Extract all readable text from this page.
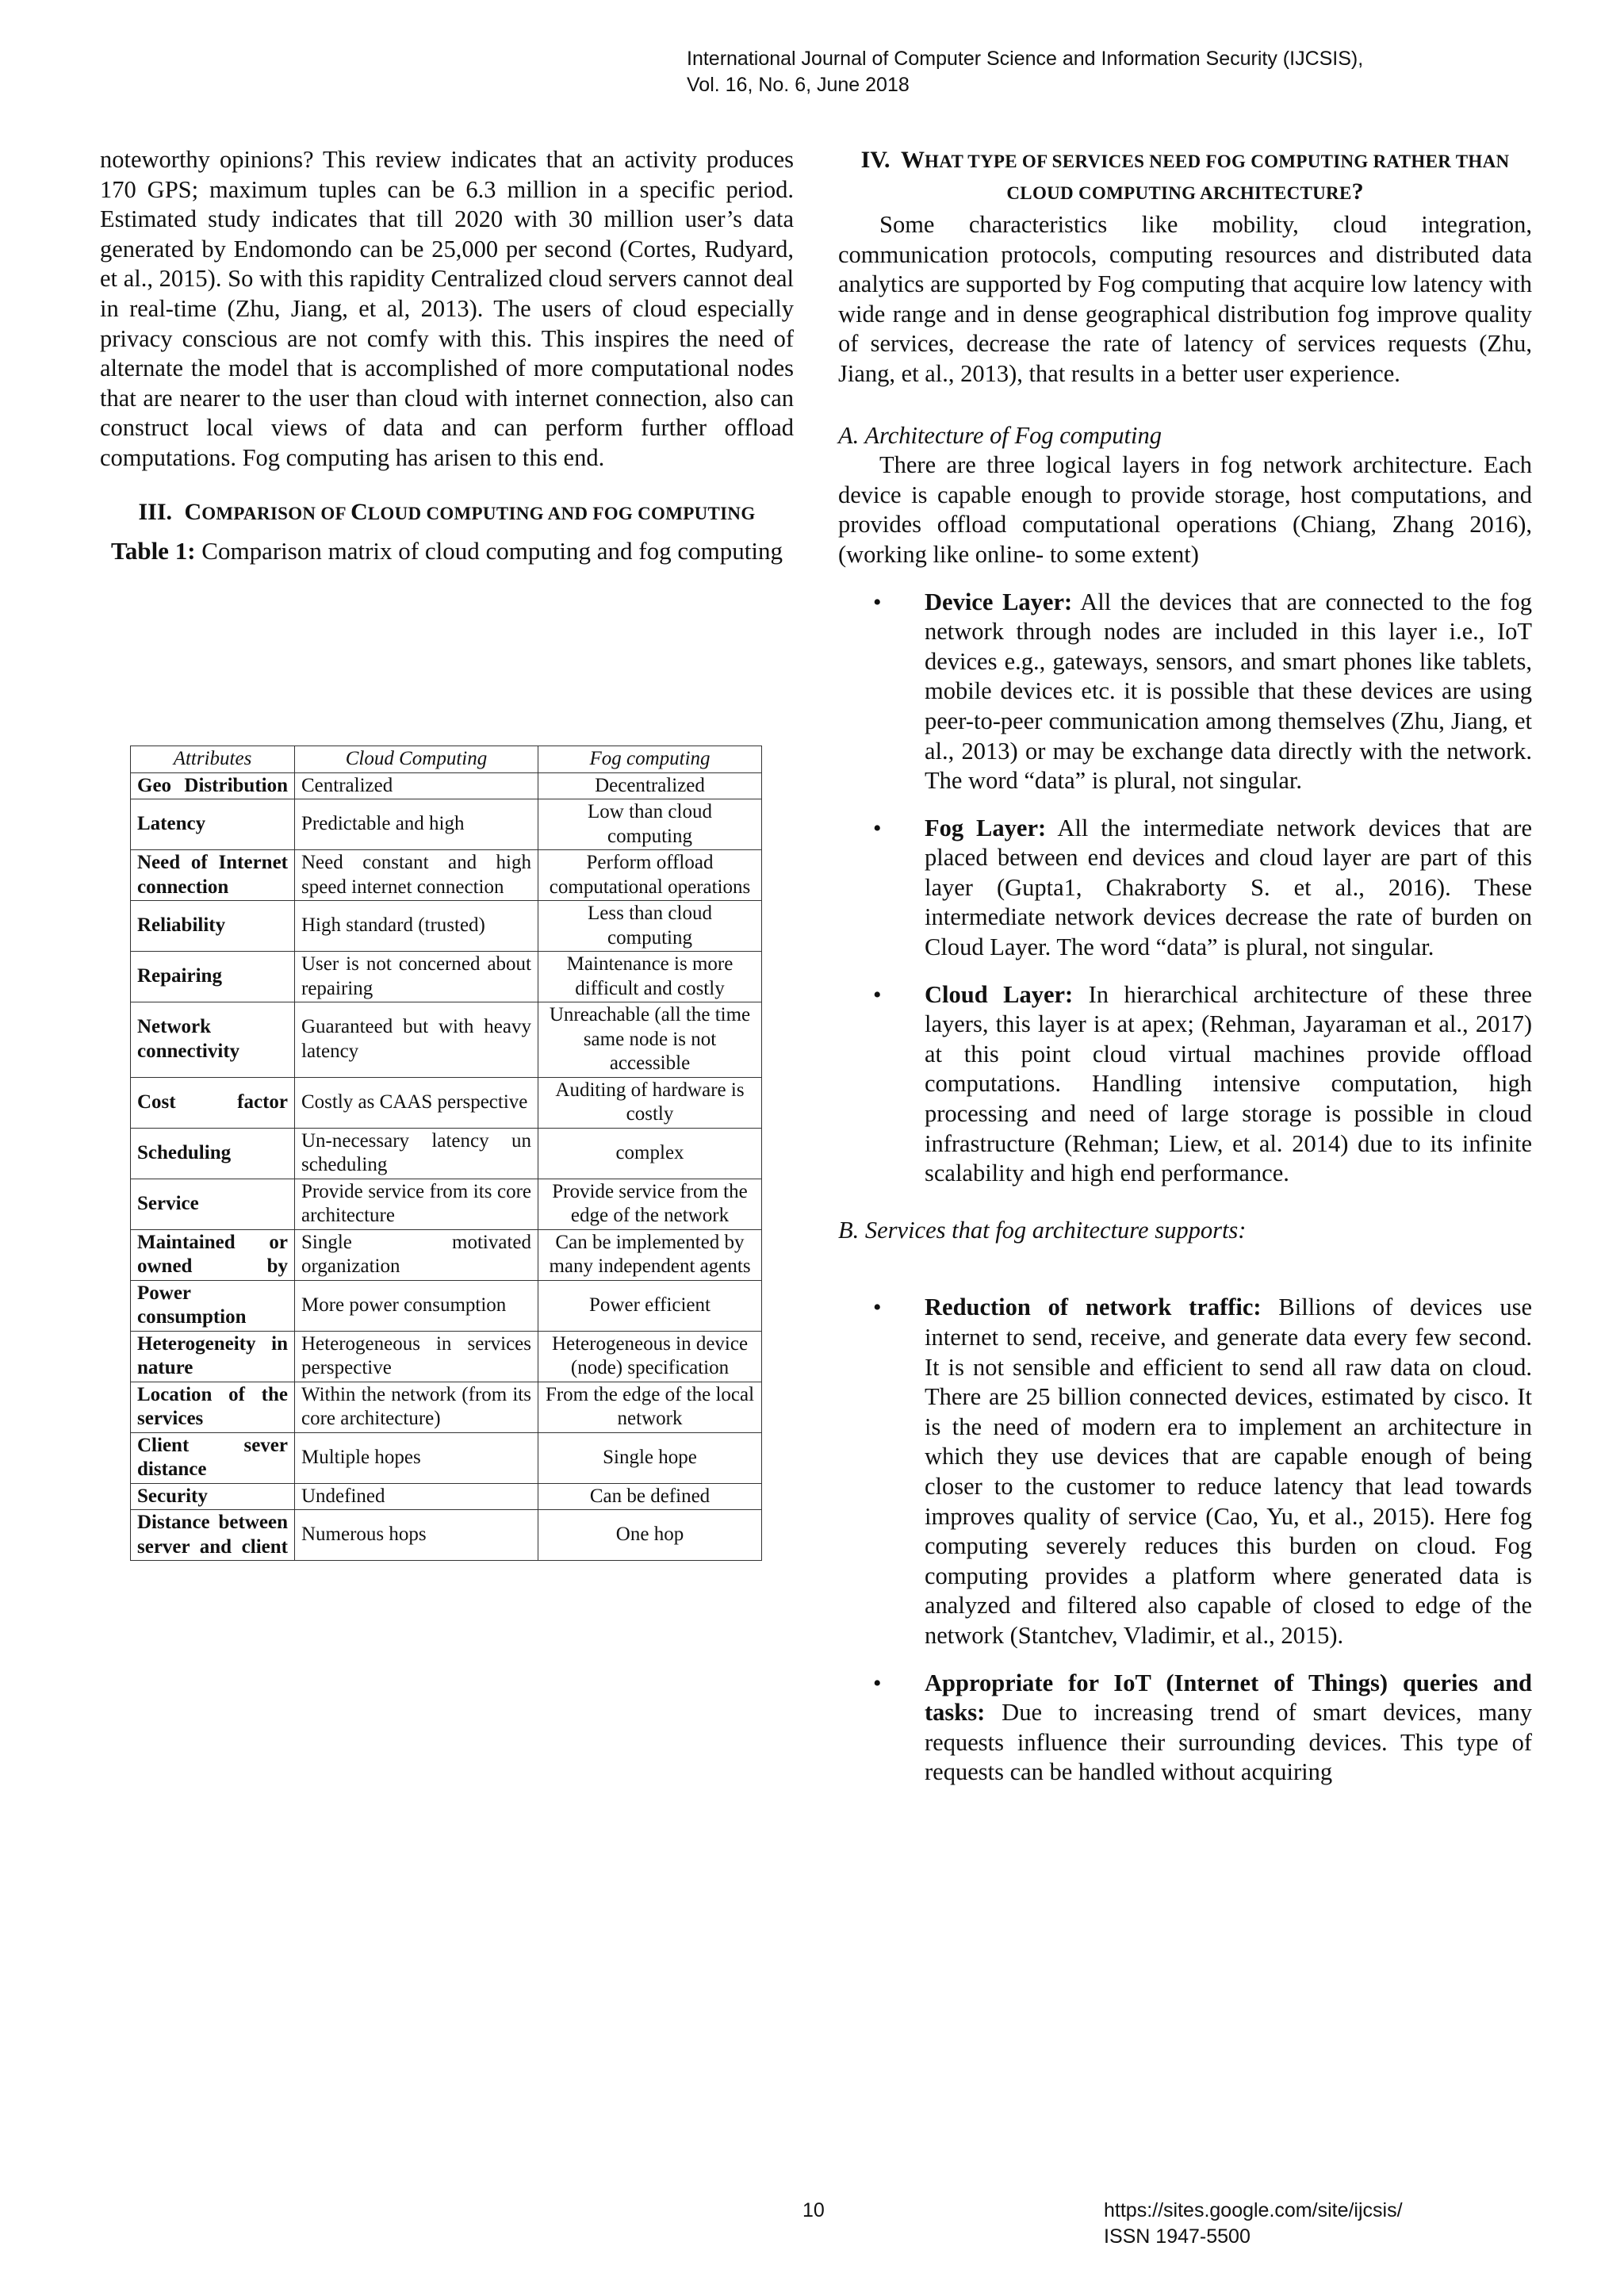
International Journal of Computer Science and Information Security (IJCSIS),
Vol. 16, No. 6, June 2018

noteworthy opinions? This review indicates that an activity produces 170 GPS; maximum tuples can be 6.3 million in a specific period. Estimated study indicates that till 2020 with 30 million user’s data generated by Endomondo can be 25,000 per second (Cortes, Rudyard, et al., 2015). So with this rapidity Centralized cloud servers cannot deal in real-time (Zhu, Jiang, et al, 2013). The users of cloud especially privacy conscious are not comfy with this. This inspires the need of alternate the model that is accomplished of more computational nodes that are nearer to the user than cloud with internet connection, also can construct local views of data and can perform further offload computations. Fog computing has arisen to this end.

III. COMPARISON OF CLOUD COMPUTING AND FOG COMPUTING

Table 1: Comparison matrix of cloud computing and fog computing

Attributes	Cloud Computing	Fog computing
Geo Distribution	Centralized	Decentralized
Latency	Predictable and high	Low than cloud computing
Need of Internet connection	Need constant and high speed internet connection	Perform offload computational operations
Reliability	High standard (trusted)	Less than cloud computing
Repairing	User is not concerned about repairing	Maintenance is more difficult and costly
Network connectivity	Guaranteed but with heavy latency	Unreachable (all the time same node is not accessible
Cost factor	Costly as CAAS perspective	Auditing of hardware is costly
Scheduling	Un-necessary latency un scheduling	complex
Service	Provide service from its core architecture	Provide service from the edge of the network
Maintained or owned by	Single motivated organization	Can be implemented by many independent agents
Power consumption	More power consumption	Power efficient
Heterogeneity in nature	Heterogeneous in services perspective	Heterogeneous in device (node) specification
Location of the services	Within the network (from its core architecture)	From the edge of the local network
Client sever distance	Multiple hopes	Single hope
Security	Undefined	Can be defined
Distance between server and client	Numerous hops	One hop

IV. WHAT TYPE OF SERVICES NEED FOG COMPUTING RATHER THAN CLOUD COMPUTING ARCHITECTURE?

Some characteristics like mobility, cloud integration, communication protocols, computing resources and distributed data analytics are supported by Fog computing that acquire low latency with wide range and in dense geographical distribution fog improve quality of services, decrease the rate of latency of services requests (Zhu, Jiang, et al., 2013), that results in a better user experience.

A. Architecture of Fog computing

There are three logical layers in fog network architecture. Each device is capable enough to provide storage, host computations, and provides offload computational operations (Chiang, Zhang 2016), (working like online- to some extent)

• Device Layer: All the devices that are connected to the fog network through nodes are included in this layer i.e., IoT devices e.g., gateways, sensors, and smart phones like tablets, mobile devices etc. it is possible that these devices are using peer-to-peer communication among themselves (Zhu, Jiang, et al., 2013) or may be exchange data directly with the network. The word “data” is plural, not singular.
• Fog Layer: All the intermediate network devices that are placed between end devices and cloud layer are part of this layer (Gupta1, Chakraborty S. et al., 2016). These intermediate network devices decrease the rate of burden on Cloud Layer. The word “data” is plural, not singular.
• Cloud Layer: In hierarchical architecture of these three layers, this layer is at apex; (Rehman, Jayaraman et al., 2017) at this point cloud virtual machines provide offload computations. Handling intensive computation, high processing and need of large storage is possible in cloud infrastructure (Rehman; Liew, et al. 2014) due to its infinite scalability and high end performance.

B. Services that fog architecture supports:

• Reduction of network traffic: Billions of devices use internet to send, receive, and generate data every few second. It is not sensible and efficient to send all raw data on cloud. There are 25 billion connected devices, estimated by cisco. It is the need of modern era to implement an architecture in which they use devices that are capable enough of being closer to the customer to reduce latency that lead towards improves quality of service (Cao, Yu, et al., 2015). Here fog computing severely reduces this burden on cloud. Fog computing provides a platform where generated data is analyzed and filtered also capable of closed to edge of the network (Stantchev, Vladimir, et al., 2015).
• Appropriate for IoT (Internet of Things) queries and tasks: Due to increasing trend of smart devices, many requests influence their surrounding devices. This type of requests can be handled without acquiring
10	https://sites.google.com/site/ijcsis/
ISSN 1947-5500
